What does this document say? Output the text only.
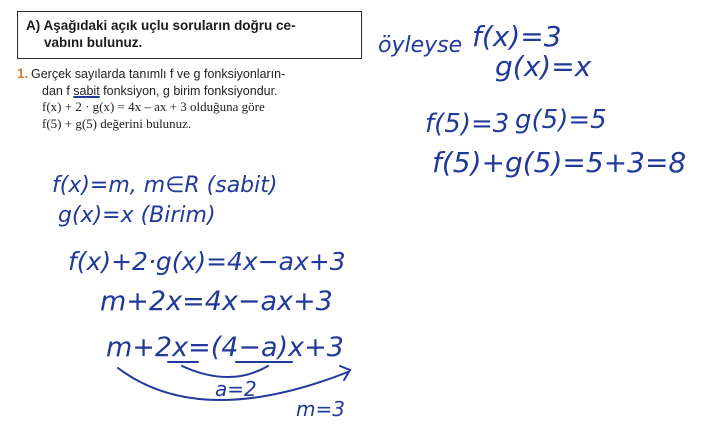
A) Aşağıdaki açık uçlu soruların doğru ce-
vabını bulunuz.
1. Gerçek sayılarda tanımlı f ve g fonksiyonların-
dan f sabit fonksiyon, g birim fonksiyondur.
f(x) + 2 · g(x) = 4x – ax + 3 olduğuna göre
f(5) + g(5) değerini bulunuz.
öyleyse f(x)=3
g(x)=x
f(5)=3 g(5)=5
f(5)+g(5)=5+3=8
f(x)=m, m∈R (sabit)
g(x)=x (Birim)
f(x)+2·g(x)=4x−ax+3
m+2x=4x−ax+3
m+2x=(4−a)x+3
a=2
m=3
